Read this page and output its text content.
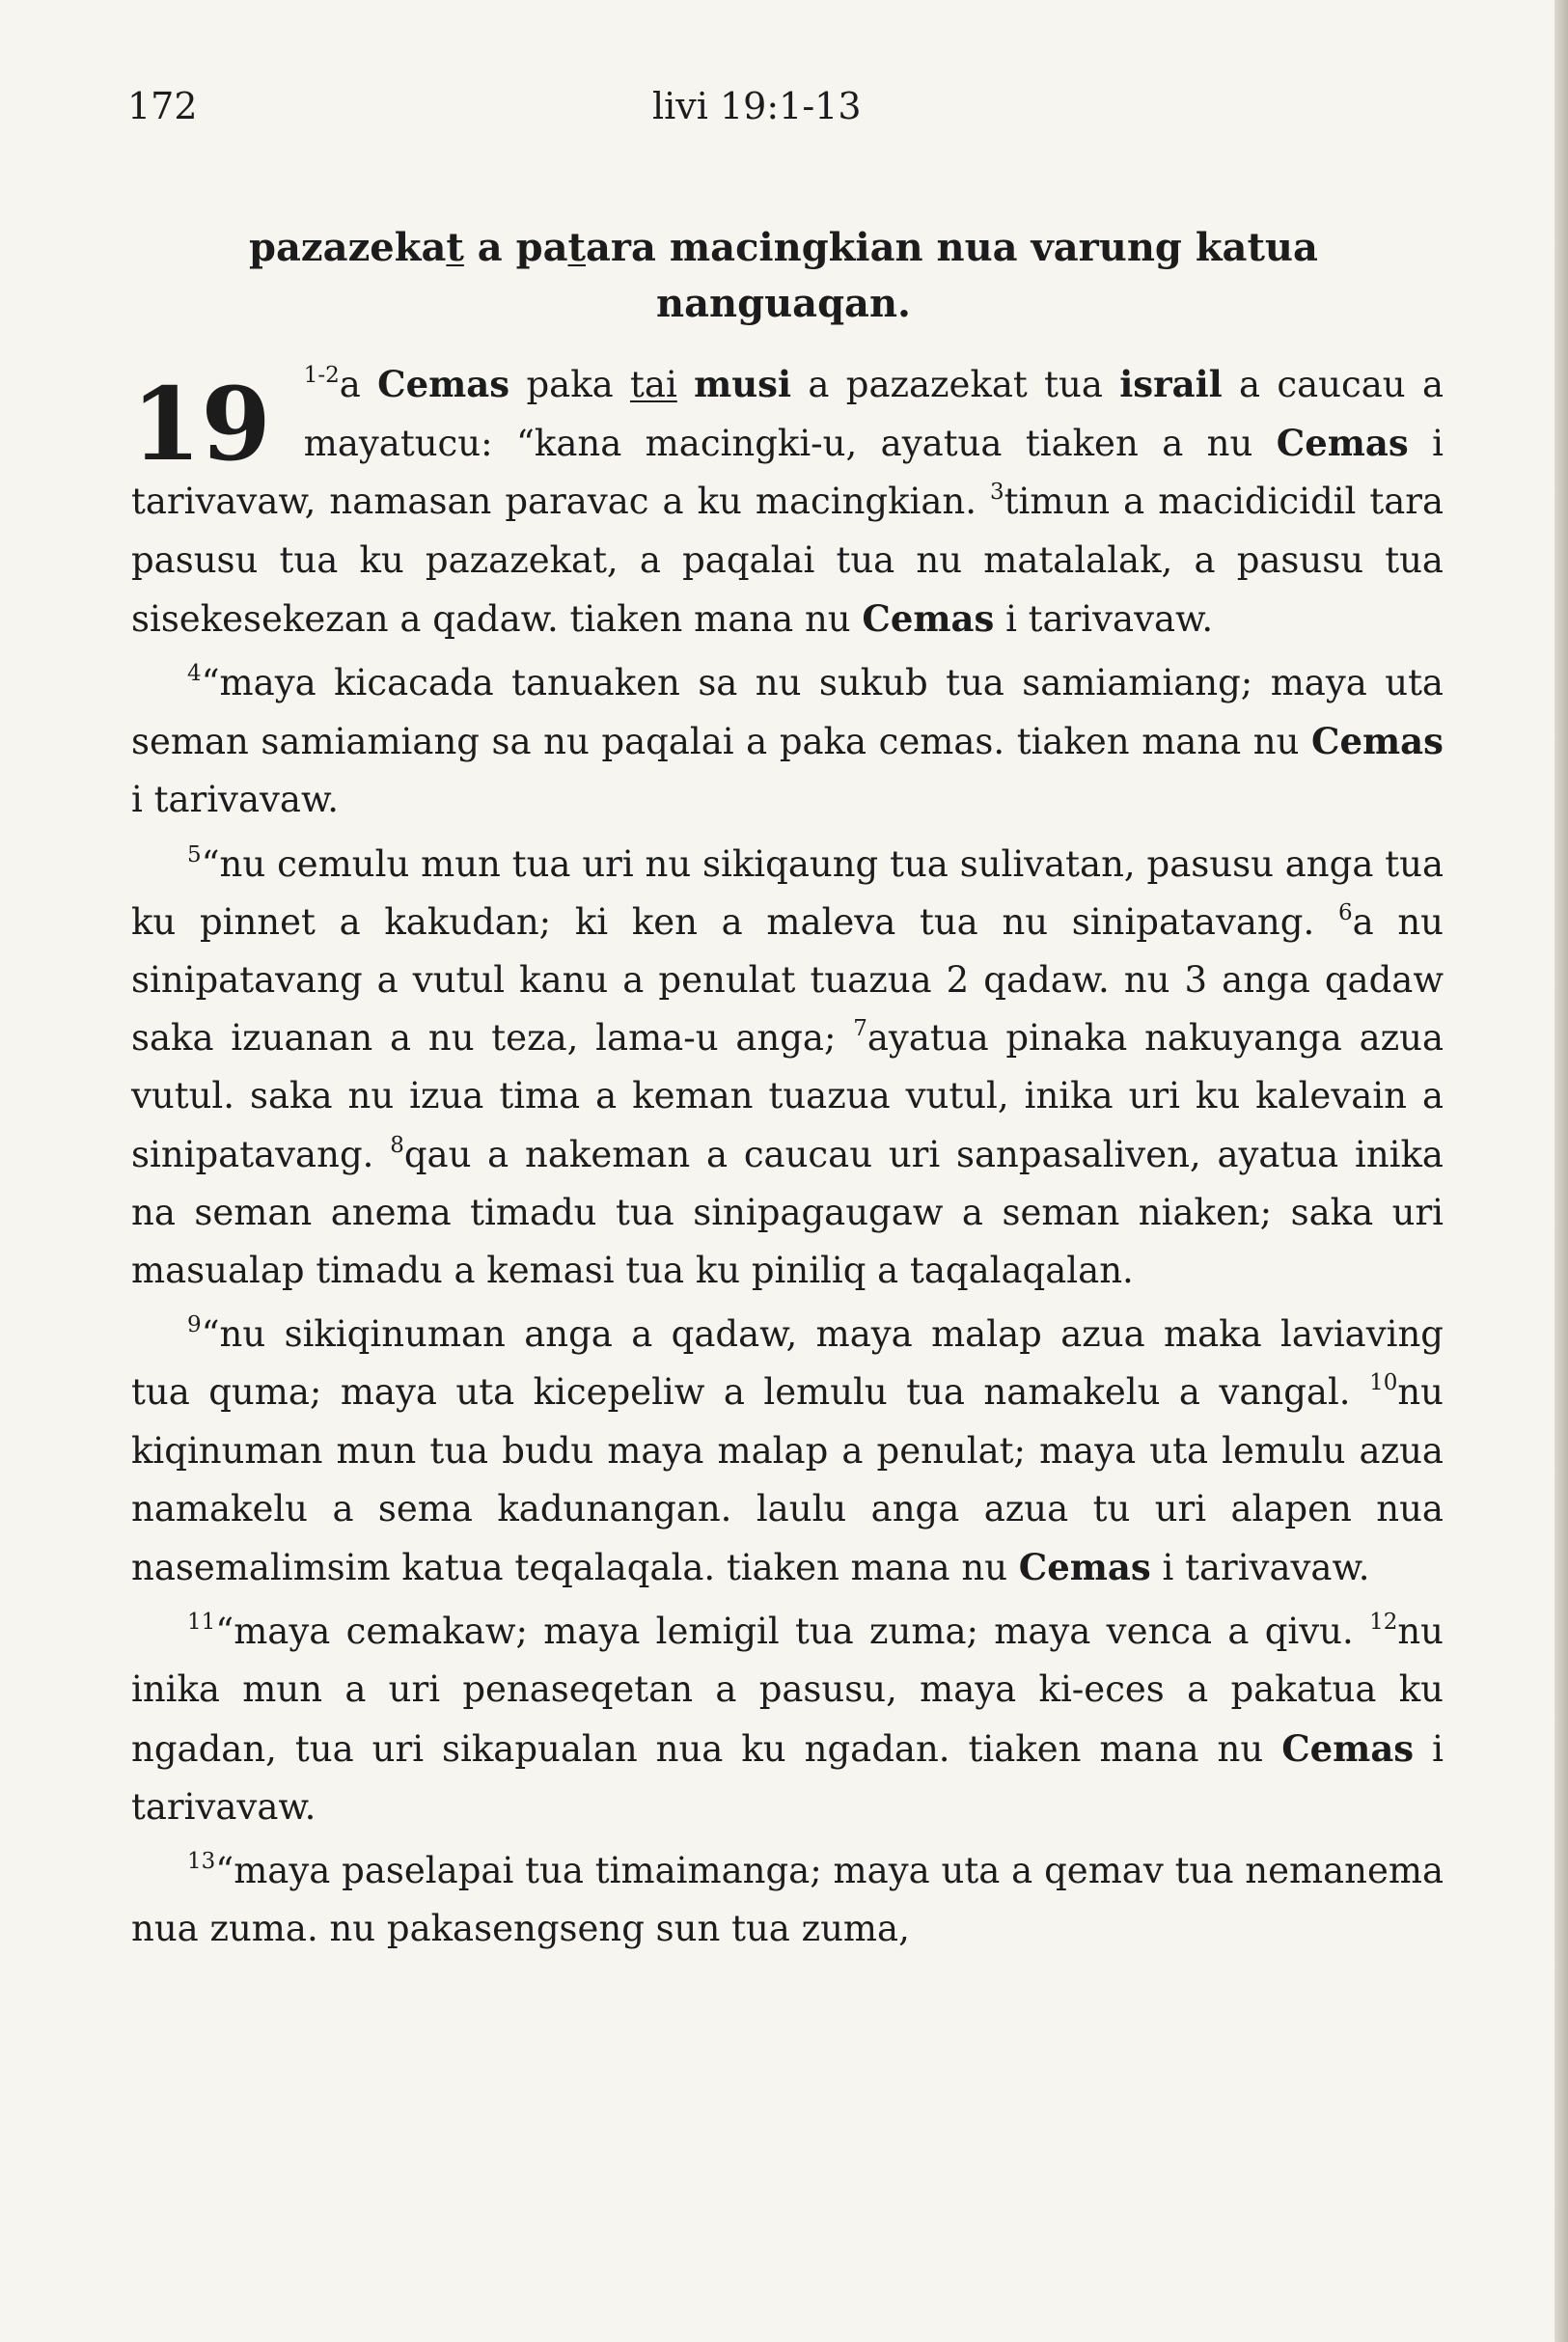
172	livi 19:1-13
pazazekat a patara macingkian nua varung katua nanguaqan.

19 $^{1-2}$a Cemas paka tai musi a pazazekat tua israil a caucau a mayatucu: “kana macingki-u, ayatua tiaken a nu Cemas i tarivavaw, namasan paravac a ku macingkian. $^3$timun a macidicidil tara pasusu tua ku pazazekat, a paqalai tua nu matalalak, a pasusu tua sisekesekezan a qadaw. tiaken mana nu Cemas i tarivavaw.

$^4$“maya kicacada tanuaken sa nu sukub tua samiamiang; maya uta seman samiamiang sa nu paqalai a paka cemas. tiaken mana nu Cemas i tarivavaw.

$^5$“nu cemulu mun tua uri nu sikiqaung tua sulivatan, pasusu anga tua ku pinnet a kakudan; ki ken a maleva tua nu sinipatavang. $^6$a nu sinipatavang a vutul kanu a penulat tuazua 2 qadaw. nu 3 anga qadaw saka izuanan a nu teza, lama-u anga; $^7$ayatua pinaka nakuyanga azua vutul. saka nu izua tima a keman tuazua vutul, inika uri ku kalevain a sinipatavang. $^8$qau a nakeman a caucau uri sanpasaliven, ayatua inika na seman anema timadu tua sinipagaugaw a seman niaken; saka uri masualap timadu a kemasi tua ku piniliq a taqalaqalan.

$^9$“nu sikiqinuman anga a qadaw, maya malap azua maka laviaving tua quma; maya uta kicepeliw a lemulu tua namakelu a vangal. $^{10}$nu kiqinuman mun tua budu maya malap a penulat; maya uta lemulu azua namakelu a sema kadunangan. laulu anga azua tu uri alapen nua nasemalimsim katua teqalaqala. tiaken mana nu Cemas i tarivavaw.

$^{11}$“maya cemakaw; maya lemigil tua zuma; maya venca a qivu. $^{12}$nu inika mun a uri penaseqetan a pasusu, maya ki-eces a pakatua ku ngadan, tua uri sikapualan nua ku ngadan. tiaken mana nu Cemas i tarivavaw.

$^{13}$“maya paselapai tua timaimanga; maya uta a qemav tua nemanema nua zuma. nu pakasengseng sun tua zuma,
